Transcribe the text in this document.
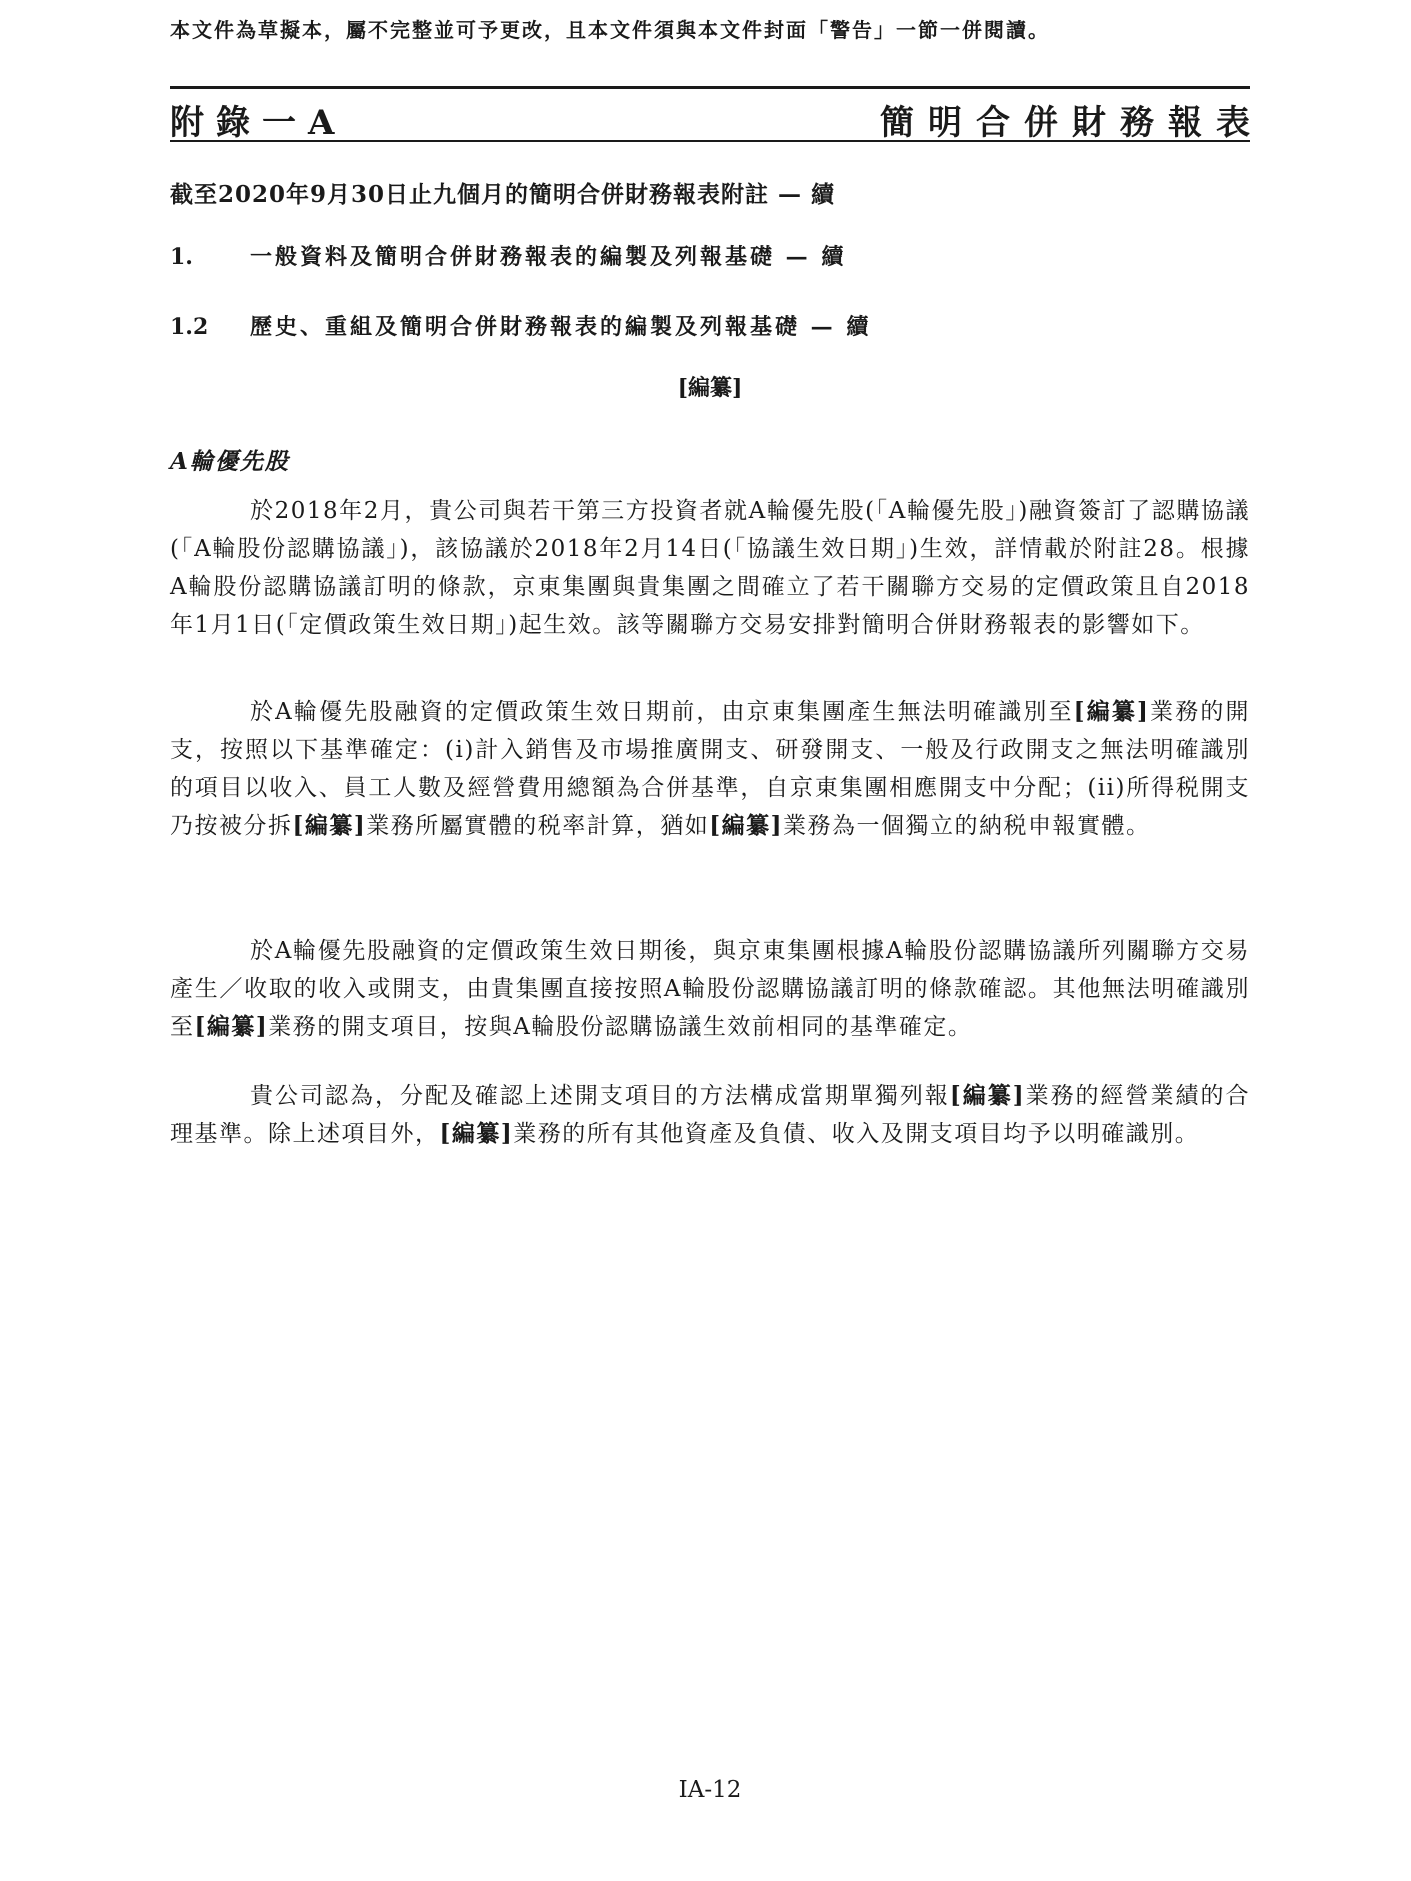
本文件為草擬本，屬不完整並可予更改，且本文件須與本文件封面「警告」一節一併閱讀。
附錄一A	簡明合併財務報表
截至2020年9月30日止九個月的簡明合併財務報表附註 — 續
1.	一般資料及簡明合併財務報表的編製及列報基礎 — 續
1.2 歷史、重組及簡明合併財務報表的編製及列報基礎 — 續
[編纂]
A輪優先股

於2018年2月，貴公司與若干第三方投資者就A輪優先股(「A輪優先股」)融資簽訂了認購協議(「A輪股份認購協議」)，該協議於2018年2月14日(「協議生效日期」)生效，詳情載於附註28。根據A輪股份認購協議訂明的條款，京東集團與貴集團之間確立了若干關聯方交易的定價政策且自2018年1月1日(「定價政策生效日期」)起生效。該等關聯方交易安排對簡明合併財務報表的影響如下。

於A輪優先股融資的定價政策生效日期前，由京東集團產生無法明確識別至[編纂]業務的開支，按照以下基準確定：(i)計入銷售及市場推廣開支、研發開支、一般及行政開支之無法明確識別的項目以收入、員工人數及經營費用總額為合併基準，自京東集團相應開支中分配；(ii)所得税開支乃按被分拆[編纂]業務所屬實體的税率計算，猶如[編纂]業務為一個獨立的納税申報實體。

於A輪優先股融資的定價政策生效日期後，與京東集團根據A輪股份認購協議所列關聯方交易產生／收取的收入或開支，由貴集團直接按照A輪股份認購協議訂明的條款確認。其他無法明確識別至[編纂]業務的開支項目，按與A輪股份認購協議生效前相同的基準確定。

貴公司認為，分配及確認上述開支項目的方法構成當期單獨列報[編纂]業務的經營業績的合理基準。除上述項目外，[編纂]業務的所有其他資產及負債、收入及開支項目均予以明確識別。

IA-12
